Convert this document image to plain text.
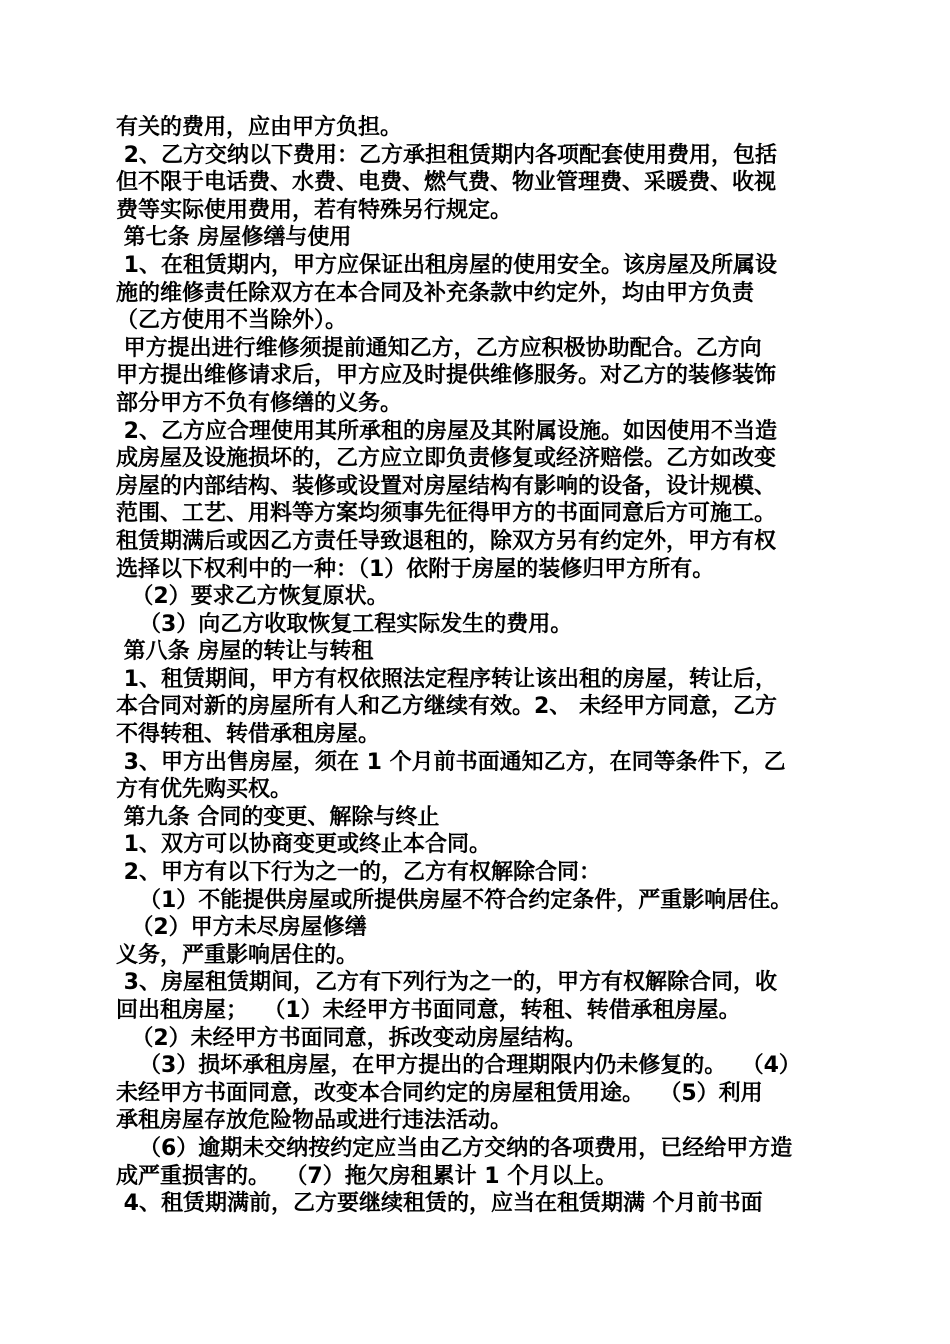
有关的费用，应由甲方负担。
2、乙方交纳以下费用：乙方承担租赁期内各项配套使用费用，包括
但不限于电话费、水费、电费、燃气费、物业管理费、采暖费、收视
费等实际使用费用，若有特殊另行规定。
第七条 房屋修缮与使用
1、在租赁期内，甲方应保证出租房屋的使用安全。该房屋及所属设
施的维修责任除双方在本合同及补充条款中约定外，均由甲方负责
（乙方使用不当除外）。
甲方提出进行维修须提前通知乙方，乙方应积极协助配合。乙方向
甲方提出维修请求后，甲方应及时提供维修服务。对乙方的装修装饰
部分甲方不负有修缮的义务。
2、乙方应合理使用其所承租的房屋及其附属设施。如因使用不当造
成房屋及设施损坏的，乙方应立即负责修复或经济赔偿。乙方如改变
房屋的内部结构、装修或设置对房屋结构有影响的设备，设计规模、
范围、工艺、用料等方案均须事先征得甲方的书面同意后方可施工。
租赁期满后或因乙方责任导致退租的，除双方另有约定外，甲方有权
选择以下权利中的一种：（1）依附于房屋的装修归甲方所有。
（2）要求乙方恢复原状。
（3）向乙方收取恢复工程实际发生的费用。
第八条 房屋的转让与转租
1、租赁期间，甲方有权依照法定程序转让该出租的房屋，转让后，
本合同对新的房屋所有人和乙方继续有效。2、 未经甲方同意，乙方
不得转租、转借承租房屋。
3、甲方出售房屋，须在 1 个月前书面通知乙方，在同等条件下，乙
方有优先购买权。
第九条 合同的变更、解除与终止
1、双方可以协商变更或终止本合同。
2、甲方有以下行为之一的，乙方有权解除合同：
（1）不能提供房屋或所提供房屋不符合约定条件，严重影响居住。
（2）甲方未尽房屋修缮
义务，严重影响居住的。
3、房屋租赁期间，乙方有下列行为之一的，甲方有权解除合同，收
回出租房屋；  （1）未经甲方书面同意，转租、转借承租房屋。
（2）未经甲方书面同意，拆改变动房屋结构。
（3）损坏承租房屋，在甲方提出的合理期限内仍未修复的。  （4）
未经甲方书面同意，改变本合同约定的房屋租赁用途。  （5）利用
承租房屋存放危险物品或进行违法活动。
（6）逾期未交纳按约定应当由乙方交纳的各项费用，已经给甲方造
成严重损害的。  （7）拖欠房租累计 1 个月以上。
4、租赁期满前，乙方要继续租赁的，应当在租赁期满 个月前书面
